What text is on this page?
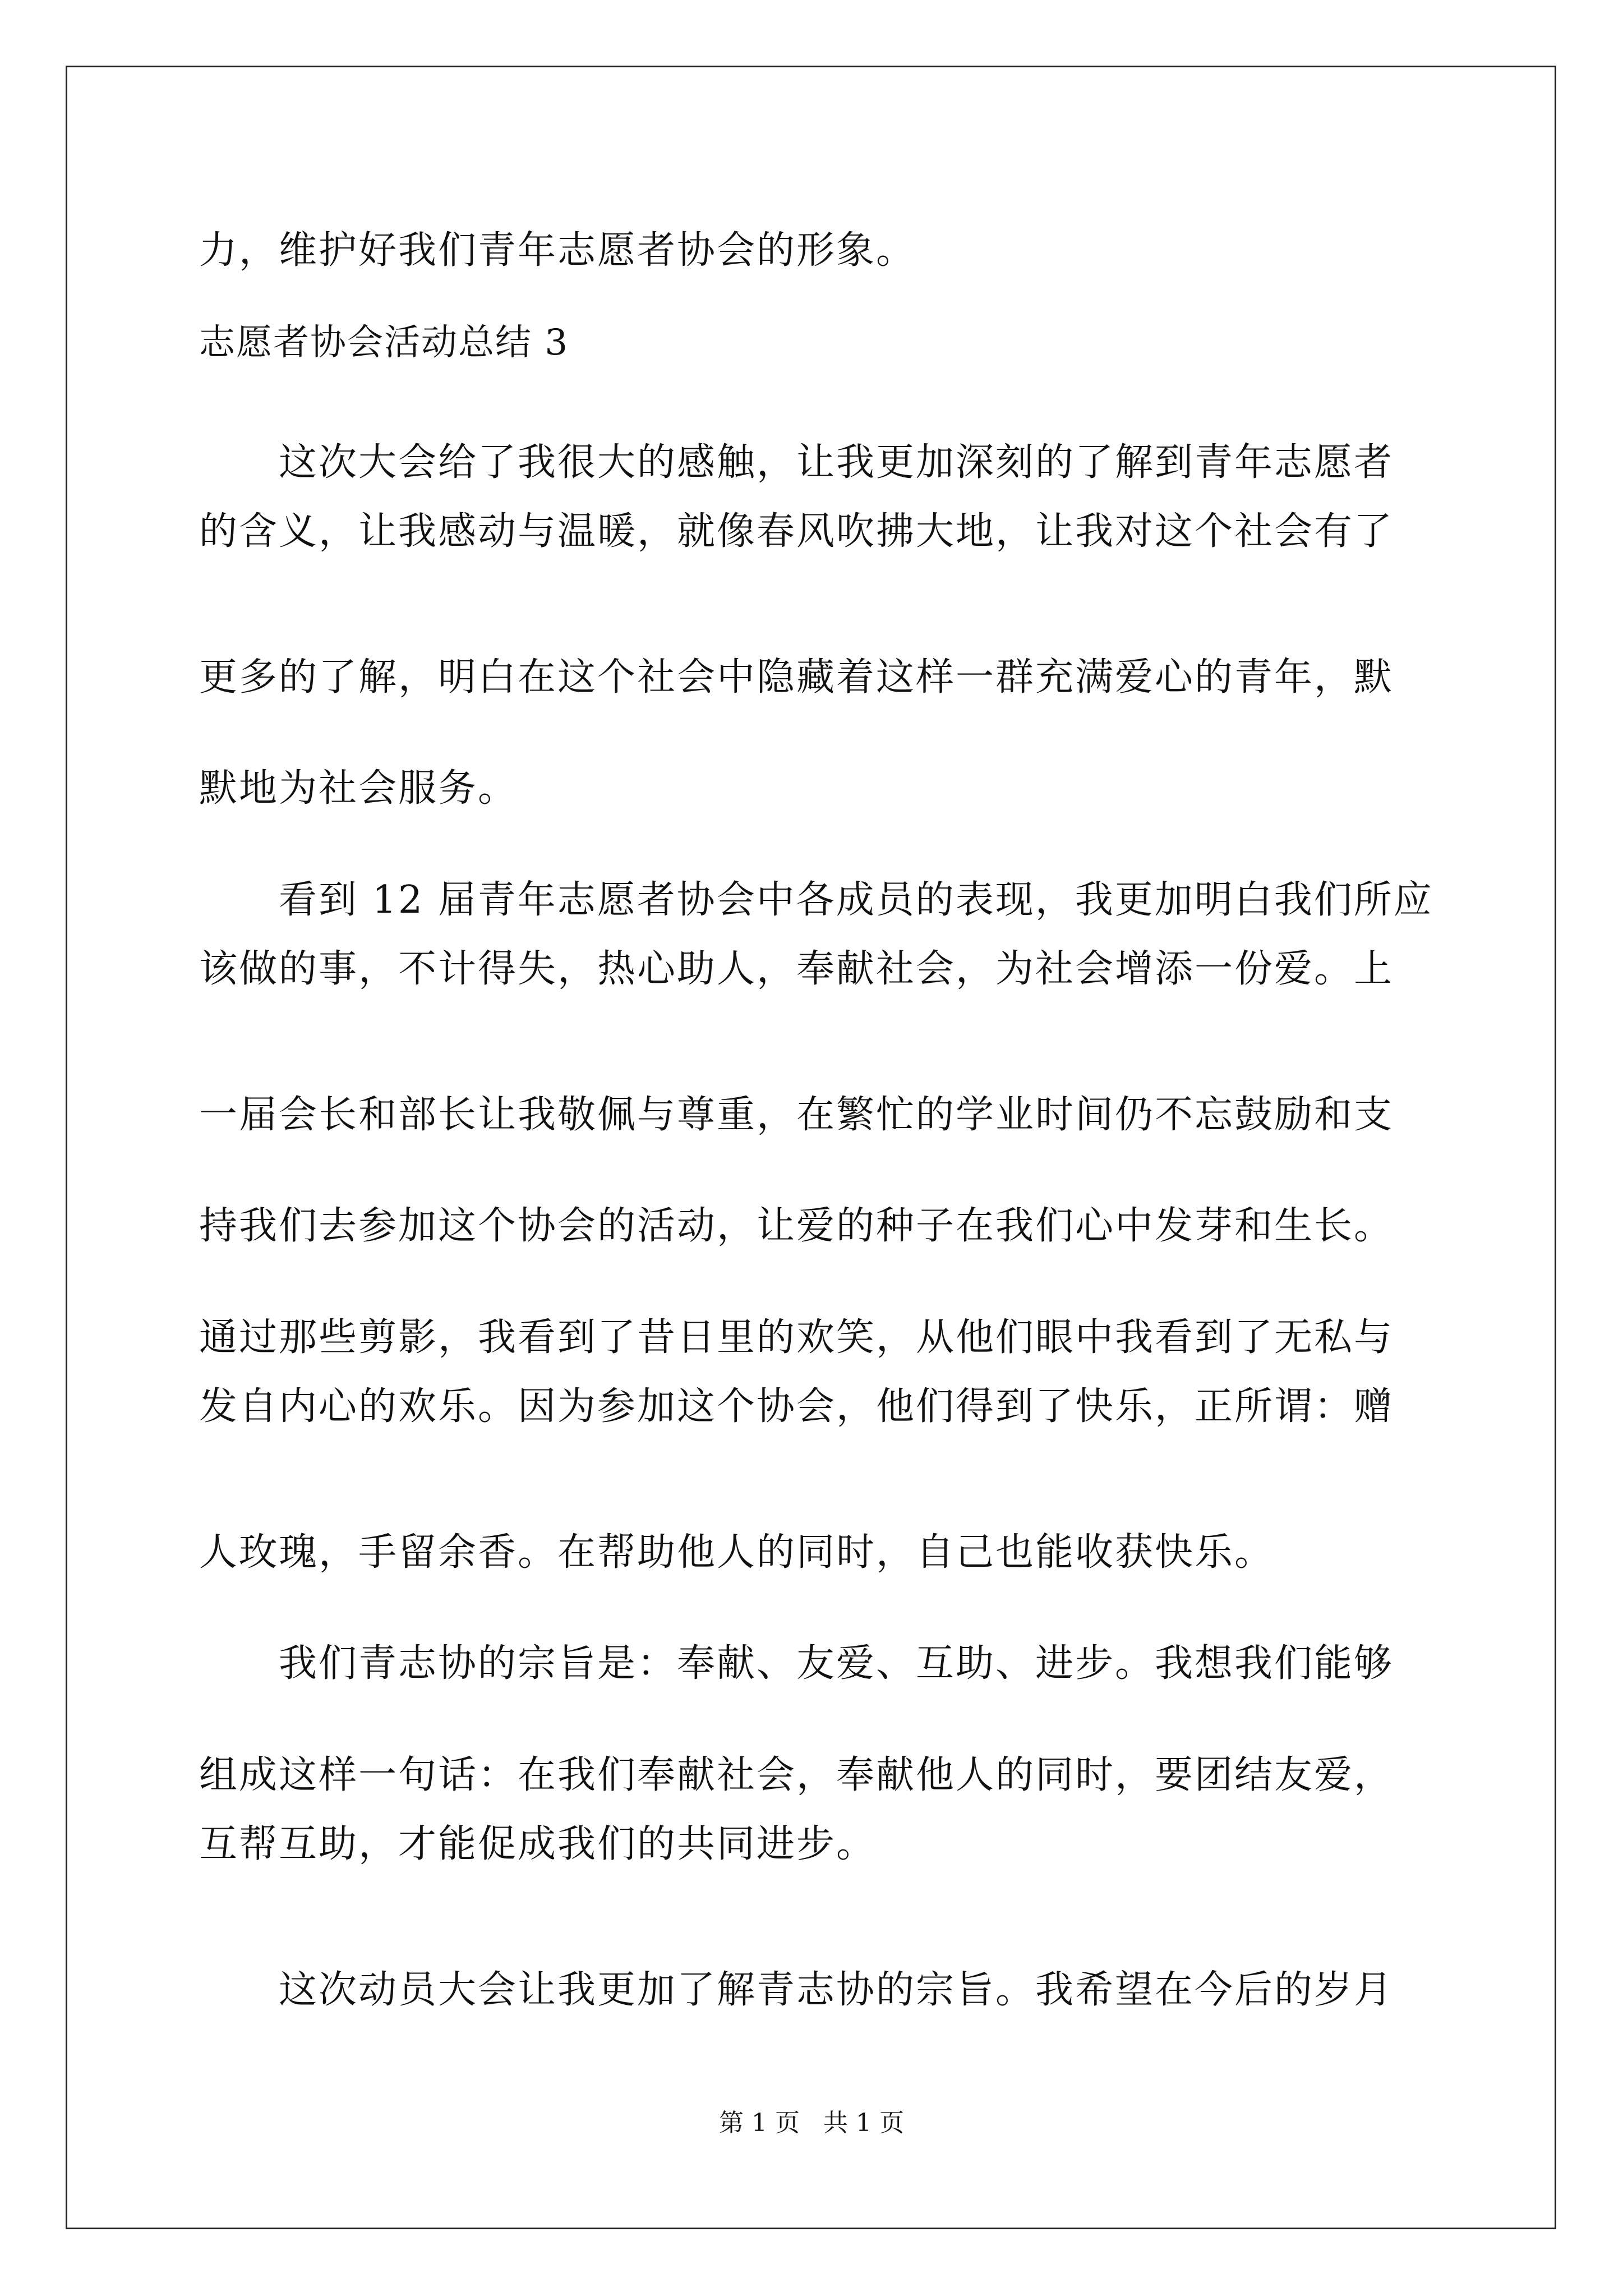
力，维护好我们青年志愿者协会的形象。
志愿者协会活动总结 3
　　这次大会给了我很大的感触，让我更加深刻的了解到青年志愿者
的含义，让我感动与温暖，就像春风吹拂大地，让我对这个社会有了
更多的了解，明白在这个社会中隐藏着这样一群充满爱心的青年，默
默地为社会服务。
　　看到 12 届青年志愿者协会中各成员的表现，我更加明白我们所应
该做的事，不计得失，热心助人，奉献社会，为社会增添一份爱。上
一届会长和部长让我敬佩与尊重，在繁忙的学业时间仍不忘鼓励和支
持我们去参加这个协会的活动，让爱的种子在我们心中发芽和生长。
通过那些剪影，我看到了昔日里的欢笑，从他们眼中我看到了无私与
发自内心的欢乐。因为参加这个协会，他们得到了快乐，正所谓：赠
人玫瑰，手留余香。在帮助他人的同时，自己也能收获快乐。
　　我们青志协的宗旨是：奉献、友爱、互助、进步。我想我们能够
组成这样一句话：在我们奉献社会，奉献他人的同时，要团结友爱，
互帮互助，才能促成我们的共同进步。
　　这次动员大会让我更加了解青志协的宗旨。我希望在今后的岁月
第 1 页 共 1 页
